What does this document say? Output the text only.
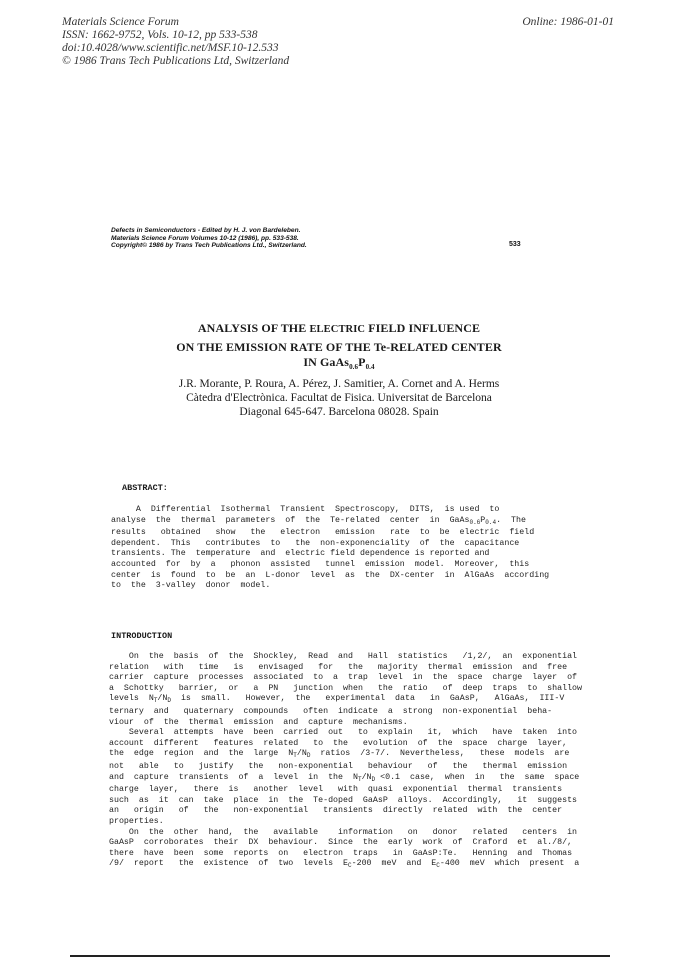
Materials Science Forum
ISSN: 1662-9752, Vols. 10-12, pp 533-538
doi:10.4028/www.scientific.net/MSF.10-12.533
© 1986 Trans Tech Publications Ltd, Switzerland
Online: 1986-01-01
Defects in Semiconductors - Edited by H. J. von Bardeleben.
Materials Science Forum Volumes 10-12 (1986), pp. 533-538.
Copyright© 1986 by Trans Tech Publications Ltd., Switzerland.	533
ANALYSIS OF THE ELECTRIC FIELD INFLUENCE
ON THE EMISSION RATE OF THE Te-RELATED CENTER
IN $GaAs_{0.6}P_{0.4}$
J.R. Morante, P. Roura, A. Pérez, J. Samitier, A. Cornet and A. Herms
Càtedra d'Electrònica. Facultat de Fisica. Universitat de Barcelona
Diagonal 645-647. Barcelona 08028. Spain
ABSTRACT:
A  Differential  Isothermal  Transient  Spectroscopy,  DITS,  is used  to
analyse  the  thermal  parameters  of  the  Te-related  center  in  $GaAs_{0.6}P_{0.4}$.  The
results   obtained   show   the   electron   emission   rate  to  be  electric  field
dependent.  This   contributes  to   the  non-exponenciality  of  the  capacitance
transients. The  temperature  and  electric field dependence is reported and
accounted  for  by  a   phonon  assisted   tunnel  emission  model.  Moreover,  this
center  is  found  to  be  an  L-donor  level  as  the  DX-center  in  AlGaAs  according
to  the  3-valley  donor  model.
INTRODUCTION
On  the  basis  of  the  Shockley,  Read  and   Hall  statistics   /1,2/,  an  exponential
relation   with   time   is   envisaged   for   the   majority  thermal  emission  and  free
carrier  capture  processes  associated  to  a  trap  level  in  the  space  charge  layer  of
a  Schottky   barrier,  or   a  PN   junction  when   the  ratio   of  deep  traps  to  shallow
levels  $N_T/N_D$  is  small.   However,  the   experimental  data   in  GaAsP,   AlGaAs,  III-V
ternary  and   quaternary  compounds   often  indicate  a  strong  non-exponential  beha-
viour  of  the  thermal  emission  and  capture  mechanisms.
Several  attempts  have  been  carried  out   to  explain   it,  which   have  taken  into
account  different   features  related   to  the   evolution  of  the  space  charge  layer,
the  edge  region  and  the  large  $N_T/N_D$  ratios  /3-7/.  Nevertheless,   these  models  are
not   able   to   justify   the   non-exponential   behaviour   of   the   thermal  emission
and  capture  transients  of  a  level  in  the  $N_T/N_D <0.1$  case,  when  in   the  same  space
charge  layer,   there  is   another  level   with  quasi  exponential  thermal  transients
such  as  it  can  take  place  in  the  Te-doped  GaAsP  alloys.  Accordingly,   it  suggests
an   origin   of   the   non-exponential   transients  directly  related  with  the  center
properties.
On  the  other  hand,  the   available    information   on   donor   related   centers  in
GaAsP  corroborates  their  DX  behaviour.  Since  the  early  work  of  Craford  et  al./8/,
there  have  been  some  reports  on   electron  traps   in  GaAsP:Te.   Henning  and  Thomas
/9/  report   the  existence  of  two  levels  $E_C-200$  meV  and  $E_C-400$  meV  which  present  a
